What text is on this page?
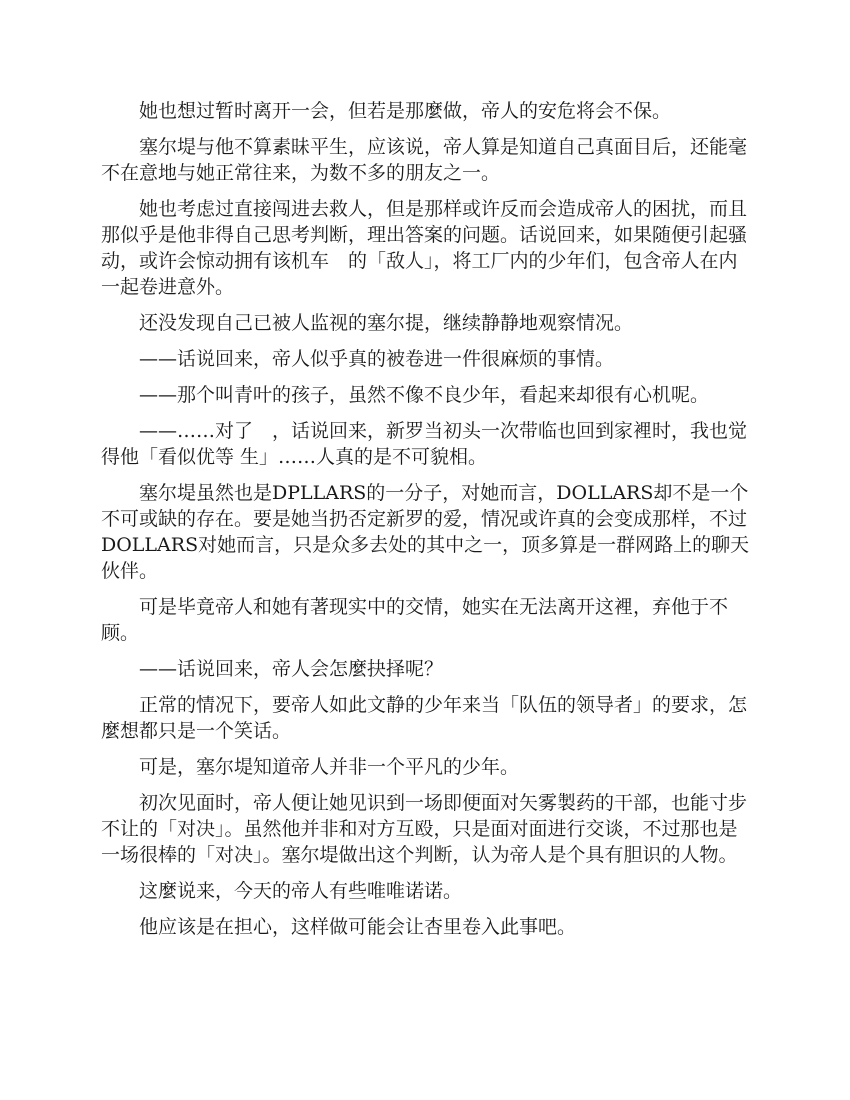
她也想过暂时离开一会，但若是那麼做，帝人的安危将会不保。

塞尔堤与他不算素昧平生，应该说，帝人算是知道自己真面目后，还能毫不在意地与她正常往来，为数不多的朋友之一。

她也考虑过直接闯进去救人，但是那样或许反而会造成帝人的困扰，而且那似乎是他非得自己思考判断，理出答案的问题。话说回来，如果随便引起骚动，或许会惊动拥有该机车　的「敌人」，将工厂内的少年们，包含帝人在内一起卷进意外。

还没发现自己已被人监视的塞尔提，继续静静地观察情况。

——话说回来，帝人似乎真的被卷进一件很麻烦的事情。

——那个叫青叶的孩子，虽然不像不良少年，看起来却很有心机呢。

——……对了　，话说回来，新罗当初头一次带临也回到家裡时，我也觉得他「看似优等 生」……人真的是不可貌相。

塞尔堤虽然也是DPLLARS的一分子，对她而言，DOLLARS却不是一个不可或缺的存在。要是她当扔否定新罗的爱，情况或许真的会变成那样，不过DOLLARS对她而言，只是众多去处的其中之一，顶多算是一群网路上的聊天伙伴。

可是毕竟帝人和她有著现实中的交情，她实在无法离开这裡，弃他于不顾。

——话说回来，帝人会怎麼抉择呢？

正常的情况下，要帝人如此文静的少年来当「队伍的领导者」的要求，怎麼想都只是一个笑话。

可是，塞尔堤知道帝人并非一个平凡的少年。

初次见面时，帝人便让她见识到一场即便面对矢雾製药的干部，也能寸步不让的「对决」。虽然他并非和对方互殴，只是面对面进行交谈，不过那也是一场很棒的「对决」。塞尔堤做出这个判断，认为帝人是个具有胆识的人物。

这麼说来，今天的帝人有些唯唯诺诺。

他应该是在担心，这样做可能会让杏里卷入此事吧。
